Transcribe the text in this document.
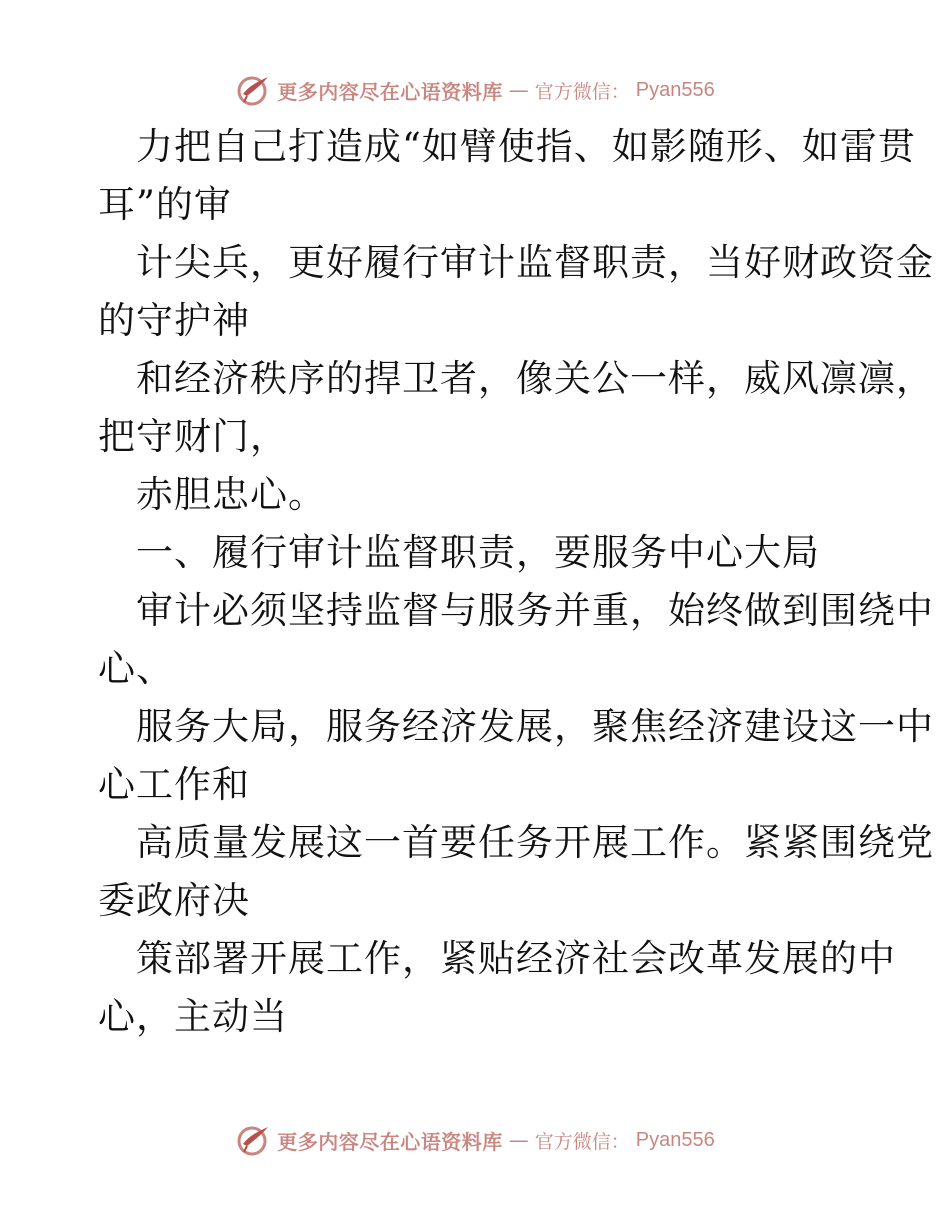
更多内容尽在心语资料库 — 官方微信： Pyan556
力把自己打造成“如臂使指、如影随形、如雷贯
耳”的审
计尖兵，更好履行审计监督职责，当好财政资金
的守护神
和经济秩序的捍卫者，像关公一样，威风凛凛，
把守财门，
赤胆忠心。
一、履行审计监督职责，要服务中心大局
审计必须坚持监督与服务并重，始终做到围绕中
心、
服务大局，服务经济发展，聚焦经济建设这一中
心工作和
高质量发展这一首要任务开展工作。紧紧围绕党
委政府决
策部署开展工作，紧贴经济社会改革发展的中
心，主动当
更多内容尽在心语资料库 — 官方微信： Pyan556
